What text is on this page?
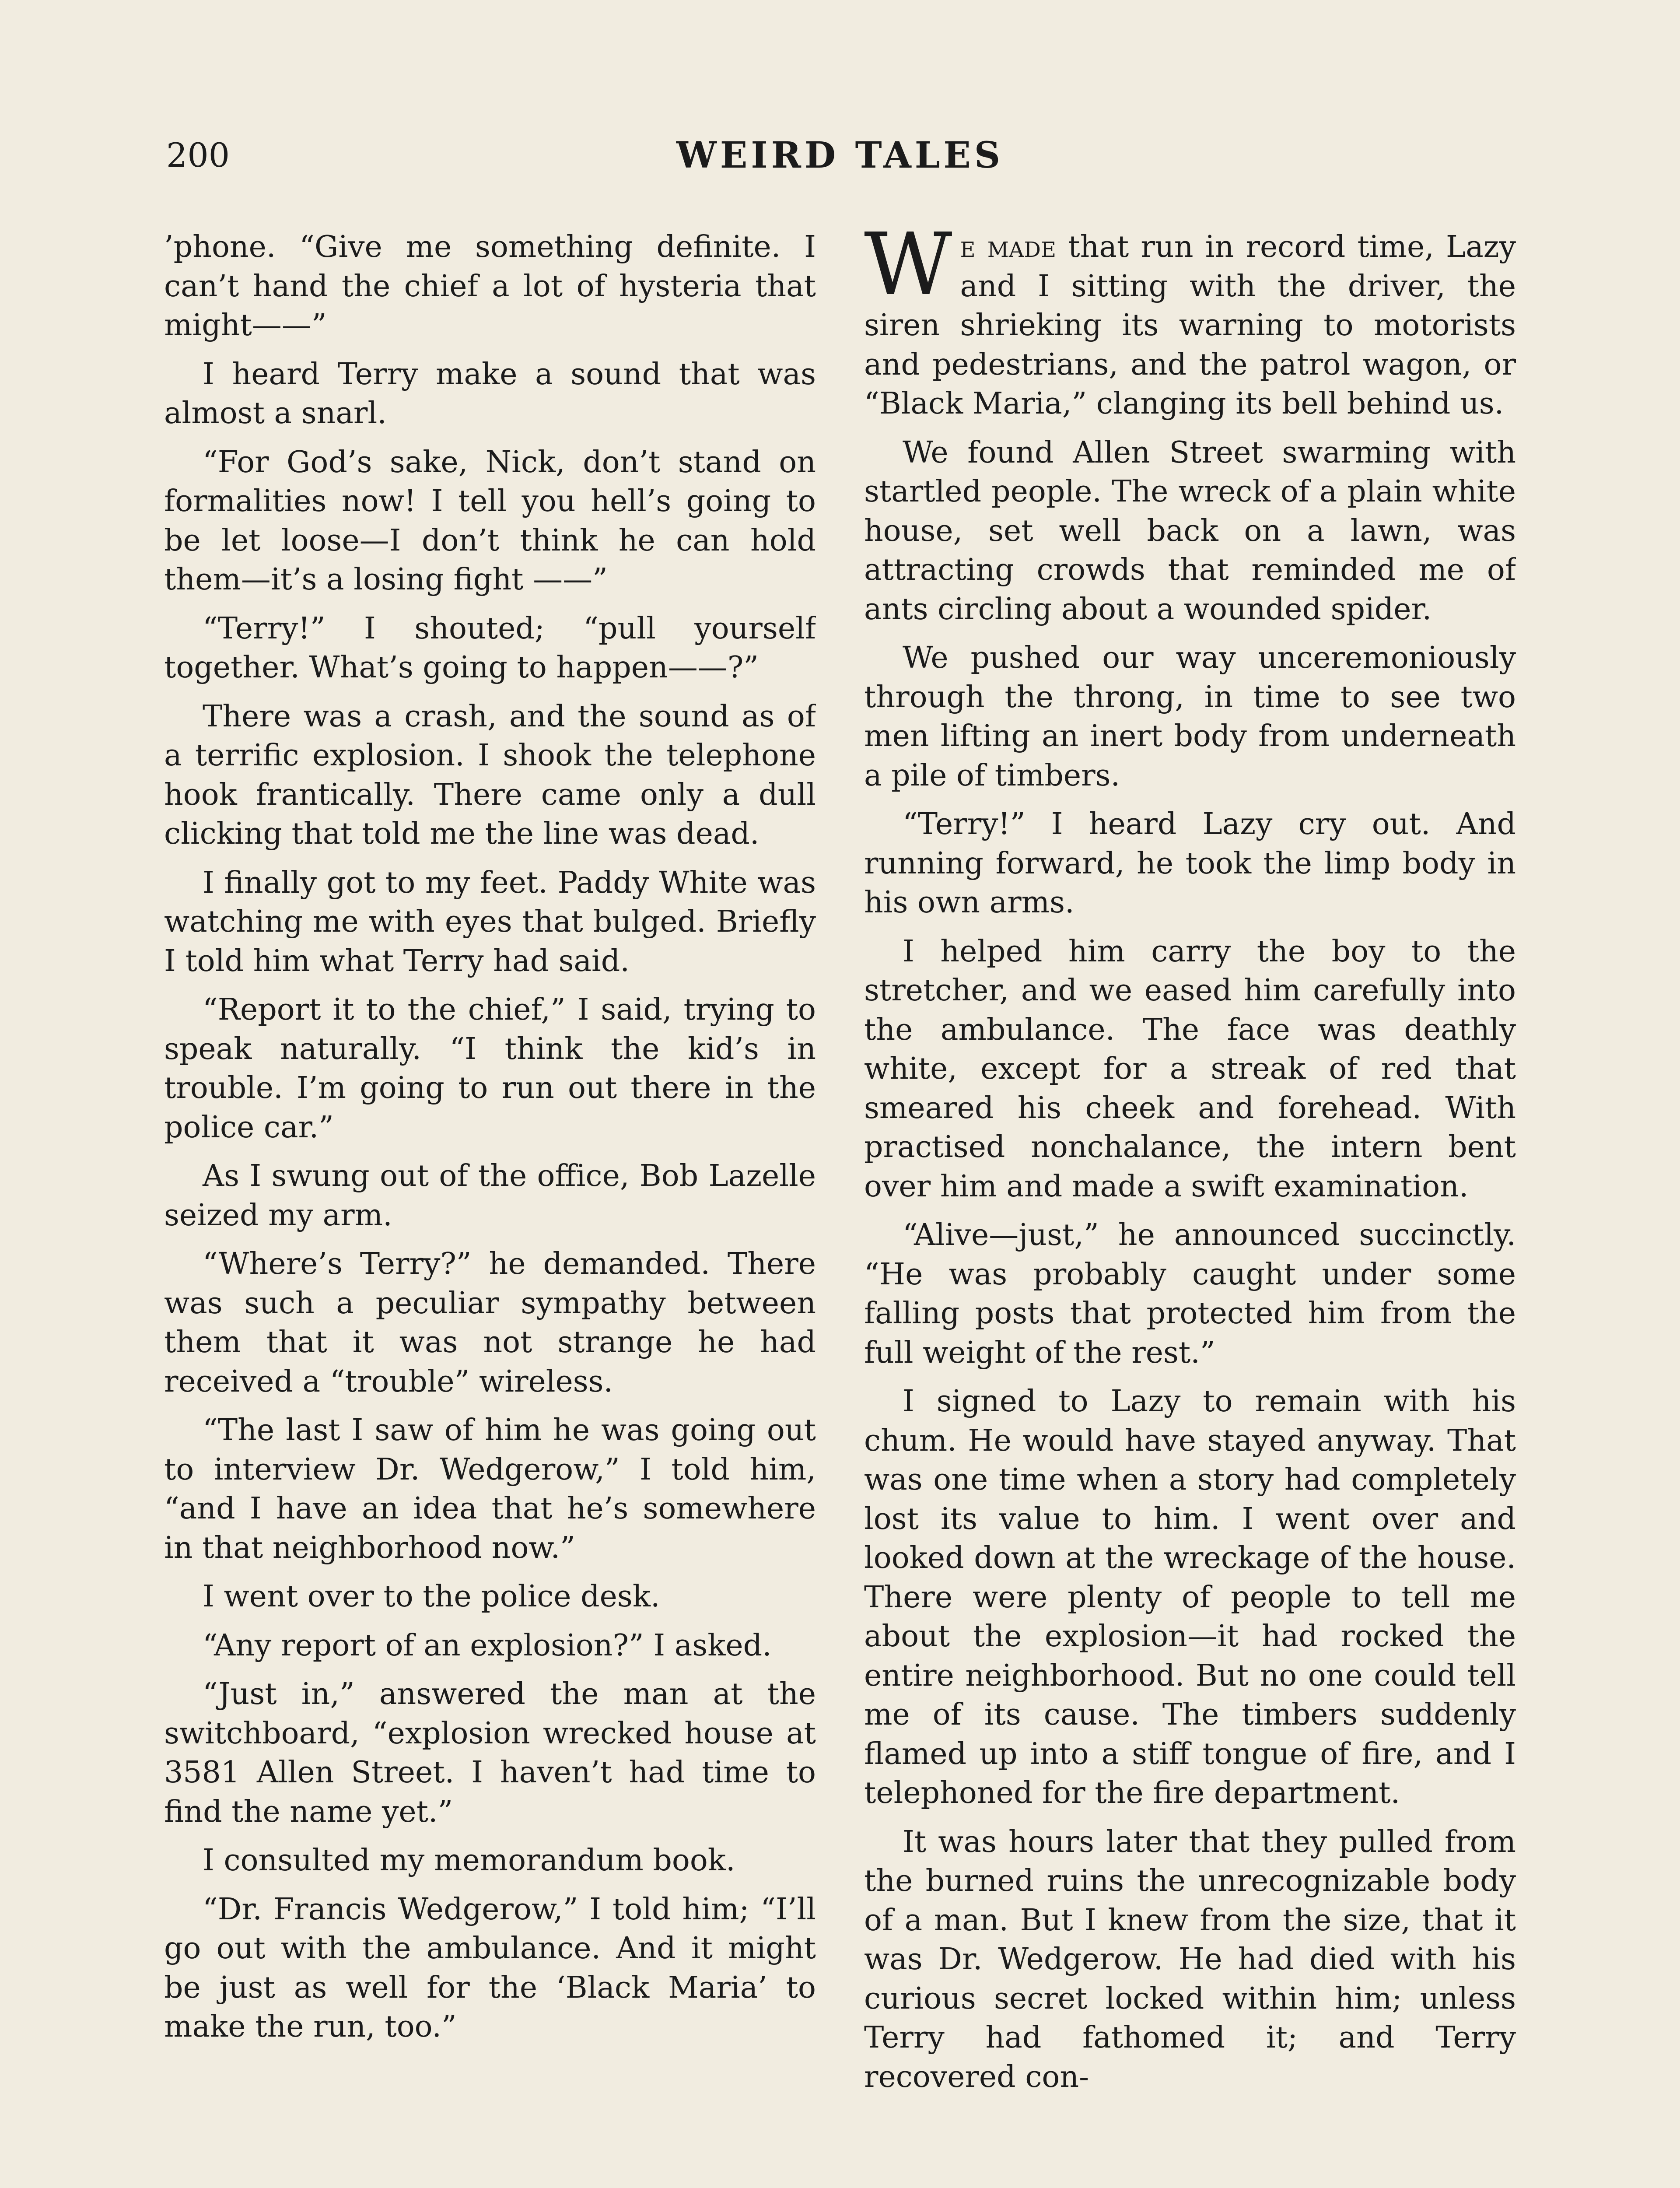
200	WEIRD TALES

’phone. “Give me something definite. I can’t hand the chief a lot of hysteria that might——”

I heard Terry make a sound that was almost a snarl.

“For God’s sake, Nick, don’t stand on formalities now! I tell you hell’s going to be let loose—I don’t think he can hold them—it’s a losing fight ——”

“Terry!” I shouted; “pull yourself together. What’s going to happen——?”

There was a crash, and the sound as of a terrific explosion. I shook the telephone hook frantically. There came only a dull clicking that told me the line was dead.

I finally got to my feet. Paddy White was watching me with eyes that bulged. Briefly I told him what Terry had said.

“Report it to the chief,” I said, trying to speak naturally. “I think the kid’s in trouble. I’m going to run out there in the police car.”

As I swung out of the office, Bob Lazelle seized my arm.

“Where’s Terry?” he demanded. There was such a peculiar sympathy between them that it was not strange he had received a “trouble” wireless.

“The last I saw of him he was going out to interview Dr. Wedgerow,” I told him, “and I have an idea that he’s somewhere in that neighborhood now.”

I went over to the police desk.

“Any report of an explosion?” I asked.

“Just in,” answered the man at the switchboard, “explosion wrecked house at 3581 Allen Street. I haven’t had time to find the name yet.”

I consulted my memorandum book.

“Dr. Francis Wedgerow,” I told him; “I’ll go out with the ambulance. And it might be just as well for the ‘Black Maria’ to make the run, too.”

We made that run in record time, Lazy and I sitting with the driver, the siren shrieking its warning to motorists and pedestrians, and the patrol wagon, or “Black Maria,” clanging its bell behind us.

We found Allen Street swarming with startled people. The wreck of a plain white house, set well back on a lawn, was attracting crowds that reminded me of ants circling about a wounded spider.

We pushed our way unceremoniously through the throng, in time to see two men lifting an inert body from underneath a pile of timbers.

“Terry!” I heard Lazy cry out. And running forward, he took the limp body in his own arms.

I helped him carry the boy to the stretcher, and we eased him carefully into the ambulance. The face was deathly white, except for a streak of red that smeared his cheek and forehead. With practised nonchalance, the intern bent over him and made a swift examination.

“Alive—just,” he announced succinctly. “He was probably caught under some falling posts that protected him from the full weight of the rest.”

I signed to Lazy to remain with his chum. He would have stayed anyway. That was one time when a story had completely lost its value to him. I went over and looked down at the wreckage of the house. There were plenty of people to tell me about the explosion—it had rocked the entire neighborhood. But no one could tell me of its cause. The timbers suddenly flamed up into a stiff tongue of fire, and I telephoned for the fire department.

It was hours later that they pulled from the burned ruins the unrecognizable body of a man. But I knew from the size, that it was Dr. Wedgerow. He had died with his curious secret locked within him; unless Terry had fathomed it; and Terry recovered con-
